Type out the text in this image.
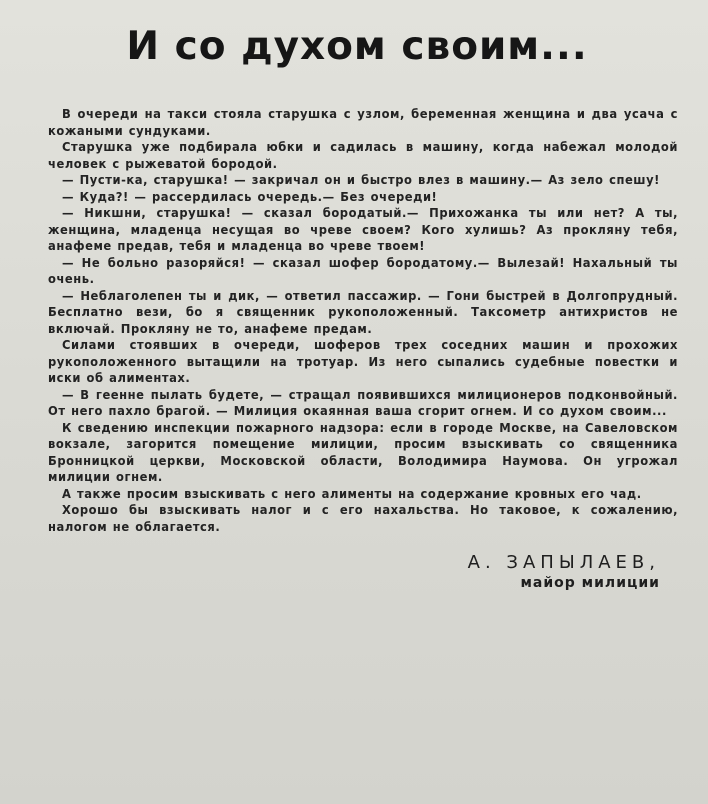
И со духом своим...

В очереди на такси стояла старушка с узлом, беременная женщина и два усача с кожаными сундуками.

Старушка уже подбирала юбки и садилась в машину, когда набежал молодой человек с рыжеватой бородой.

— Пусти-ка, старушка! — закричал он и быстро влез в машину.— Аз зело спешу!

— Куда?! — рассердилась очередь.— Без очереди!

— Никшни, старушка! — сказал бородатый.— Прихожанка ты или нет? А ты, женщина, младенца несущая во чреве своем? Кого хулишь? Аз прокляну тебя, анафеме предав, тебя и младенца во чреве твоем!

— Не больно разоряйся! — сказал шофер бородатому.— Вылезай! Нахальный ты очень.

— Неблаголепен ты и дик, — ответил пассажир. — Гони быстрей в Долгопрудный. Бесплатно вези, бо я священник рукоположенный. Таксометр антихристов не включай. Прокляну не то, анафеме предам.

Силами стоявших в очереди, шоферов трех соседних машин и прохожих рукоположенного вытащили на тротуар. Из него сыпались судебные повестки и иски об алиментах.

— В геенне пылать будете, — стращал появившихся милиционеров подконвойный. От него пахло брагой. — Милиция окаянная ваша сгорит огнем. И со духом своим...

К сведению инспекции пожарного надзора: если в городе Москве, на Савеловском вокзале, загорится помещение милиции, просим взыскивать со священника Бронницкой церкви, Московской области, Володимира Наумова. Он угрожал милиции огнем.

А также просим взыскивать с него алименты на содержание кровных его чад.

Хорошо бы взыскивать налог и с его нахальства. Но таковое, к сожалению, налогом не облагается.

А. ЗАПЫЛАЕВ,
майор милиции
